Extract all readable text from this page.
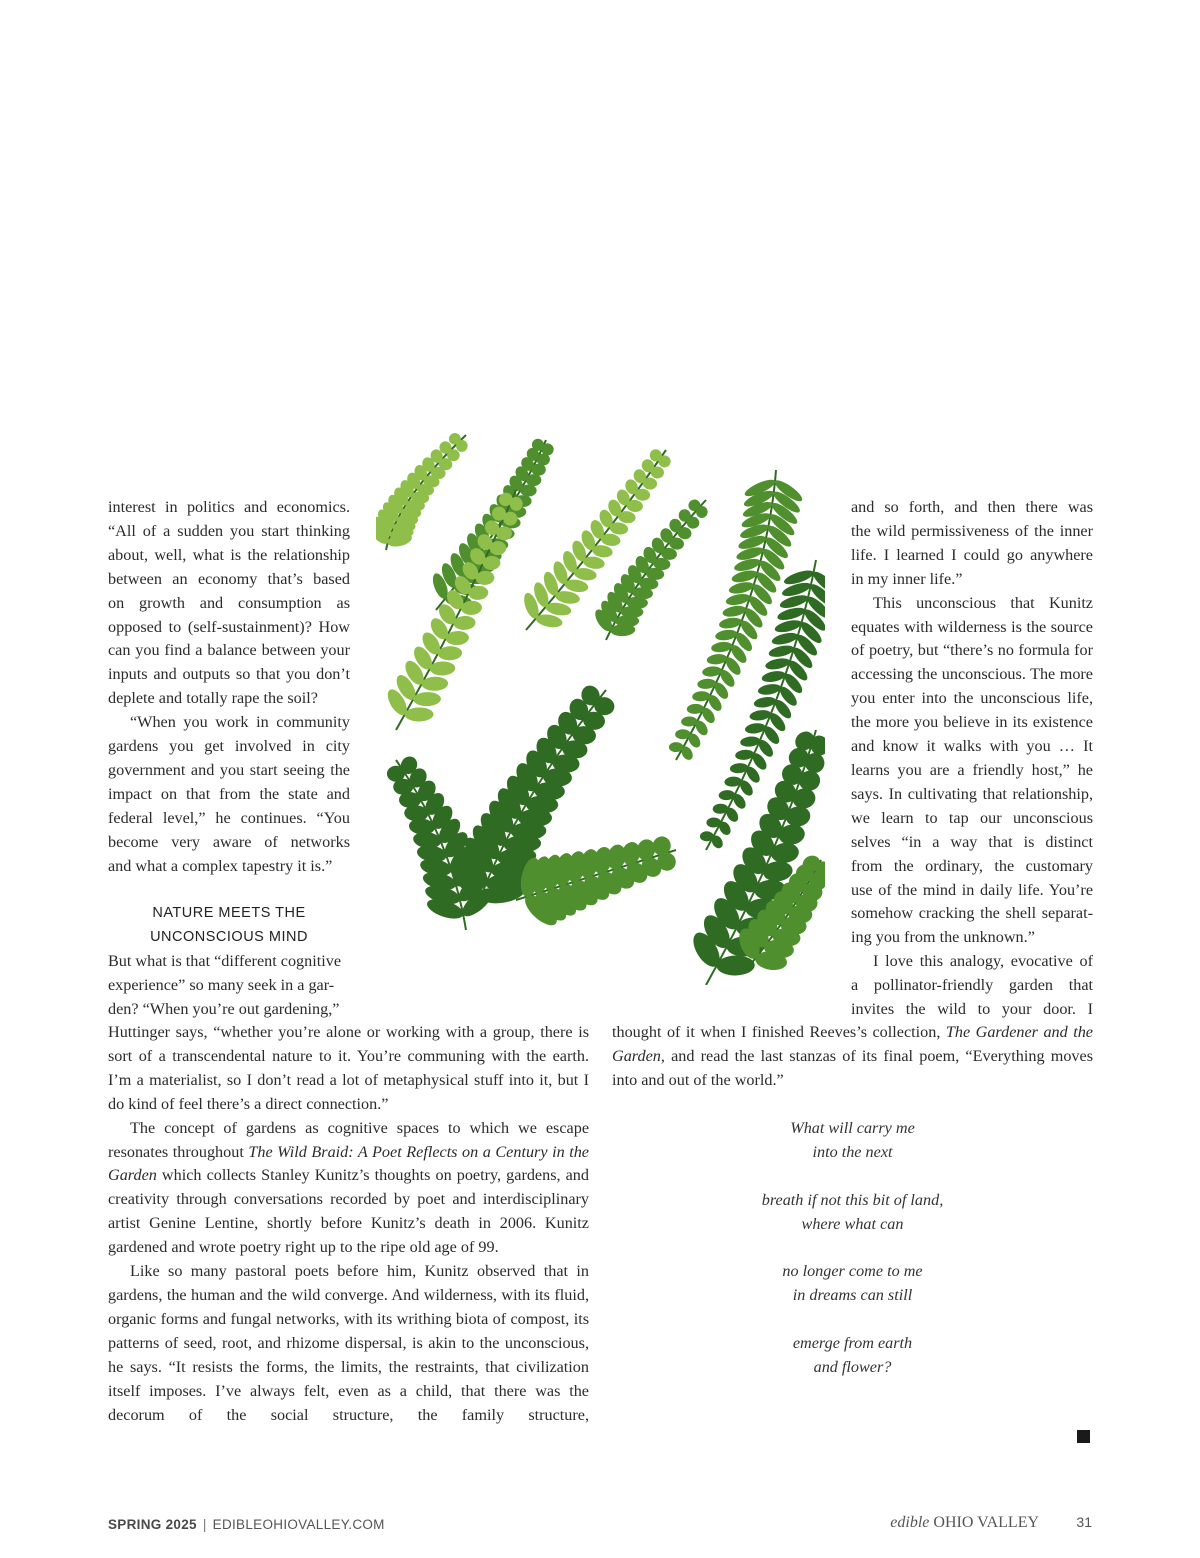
interest in politics and economics.

“All of a sudden you start thinking

about, well, what is the relationship

between an economy that’s based

on growth and consumption as

opposed to (self-sustainment)? How

can you find a balance between your

inputs and outputs so that you don’t

deplete and totally rape the soil?

“When you work in community

gardens you get involved in city

government and you start seeing the

impact on that from the state and

federal level,” he continues. “You

become very aware of networks

and what a complex tapestry it is.”

NATURE MEETS THE
UNCONSCIOUS MIND

But what is that “different cognitive

experience” so many seek in a gar-

den? “When you’re out gardening,”

Huttinger says, “whether you’re alone or working with a group, there is sort of a transcendental nature to it. You’re communing with the earth. I’m a materialist, so I don’t read a lot of metaphysical stuff into it, but I do kind of feel there’s a direct connection.”

The concept of gardens as cognitive spaces to which we escape resonates throughout The Wild Braid: A Poet Reflects on a Century in the Garden which collects Stanley Kunitz’s thoughts on poetry, gardens, and creativity through conversations recorded by poet and interdisciplinary artist Genine Lentine, shortly before Kunitz’s death in 2006. Kunitz gardened and wrote poetry right up to the ripe old age of 99.

Like so many pastoral poets before him, Kunitz observed that in gardens, the human and the wild converge. And wilderness, with its fluid, organic forms and fungal networks, with its writhing biota of compost, its patterns of seed, root, and rhizome dispersal, is akin to the unconscious, he says. “It resists the forms, the limits, the restraints, that civilization itself imposes. I’ve always felt, even as a child, that there was the decorum of the social structure, the family structure,

and so forth, and then there was

the wild permissiveness of the inner

life. I learned I could go anywhere

in my inner life.”

This unconscious that Kunitz

equates with wilderness is the source

of poetry, but “there’s no formula for

accessing the unconscious. The more

you enter into the unconscious life,

the more you believe in its existence

and know it walks with you … It

learns you are a friendly host,” he

says. In cultivating that relationship,

we learn to tap our unconscious

selves “in a way that is distinct

from the ordinary, the customary

use of the mind in daily life. You’re

somehow cracking the shell separat-

ing you from the unknown.”

I love this analogy, evocative of

a pollinator-friendly garden that

invites the wild to your door. I

thought of it when I finished Reeves’s collection, The Gardener and the Garden, and read the last stanzas of its final poem, “Everything moves into and out of the world.”

What will carry me
into the next
breath if not this bit of land,
where what can
no longer come to me
in dreams can still
emerge from earth
and flower?
SPRING 2025 | EDIBLEOHIOVALLEY.COM	edible OHIO VALLEY	31
